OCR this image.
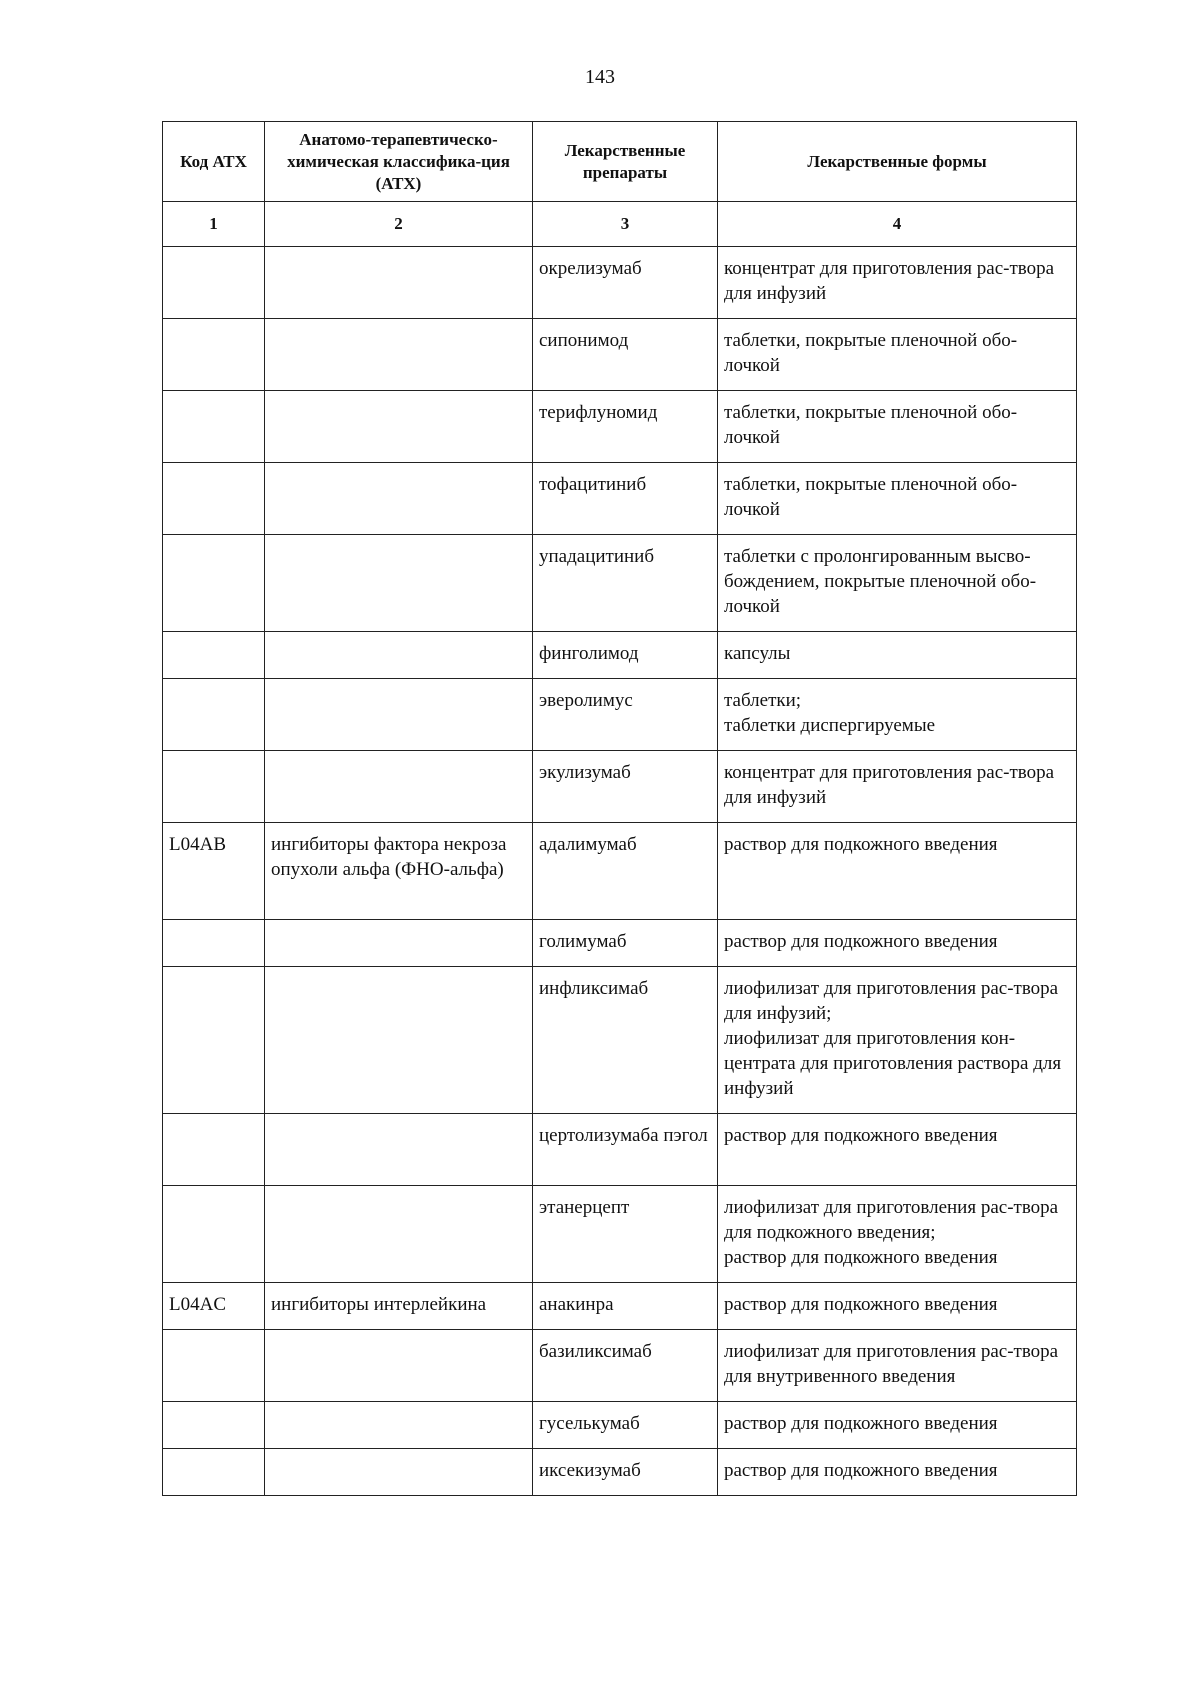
143
Код АТХ	Анатомо-терапевтическо-химическая классифика-ция (АТХ)	Лекарственные препараты	Лекарственные формы
1	2	3	4
		окрелизумаб	концентрат для приготовления рас-твора для инфузий
		сипонимод	таблетки, покрытые пленочной обо-лочкой
		терифлуномид	таблетки, покрытые пленочной обо-лочкой
		тофацитиниб	таблетки, покрытые пленочной обо-лочкой
		упадацитиниб	таблетки с пролонгированным высво-бождением, покрытые пленочной обо-лочкой
		финголимод	капсулы
		эверолимус	таблетки;
таблетки диспергируемые
		экулизумаб	концентрат для приготовления рас-твора для инфузий
L04AB	ингибиторы фактора некроза опухоли альфа (ФНО-альфа)	адалимумаб	раствор для подкожного введения
		голимумаб	раствор для подкожного введения
		инфликсимаб	лиофилизат для приготовления рас-твора для инфузий;
лиофилизат для приготовления кон-центрата для приготовления раствора для инфузий
		цертолизумаба пэгол	раствор для подкожного введения
		этанерцепт	лиофилизат для приготовления рас-твора для подкожного введения;
раствор для подкожного введения
L04AC	ингибиторы интерлейкина	анакинра	раствор для подкожного введения
		базиликсимаб	лиофилизат для приготовления рас-твора для внутривенного введения
		гуселькумаб	раствор для подкожного введения
		иксекизумаб	раствор для подкожного введения
